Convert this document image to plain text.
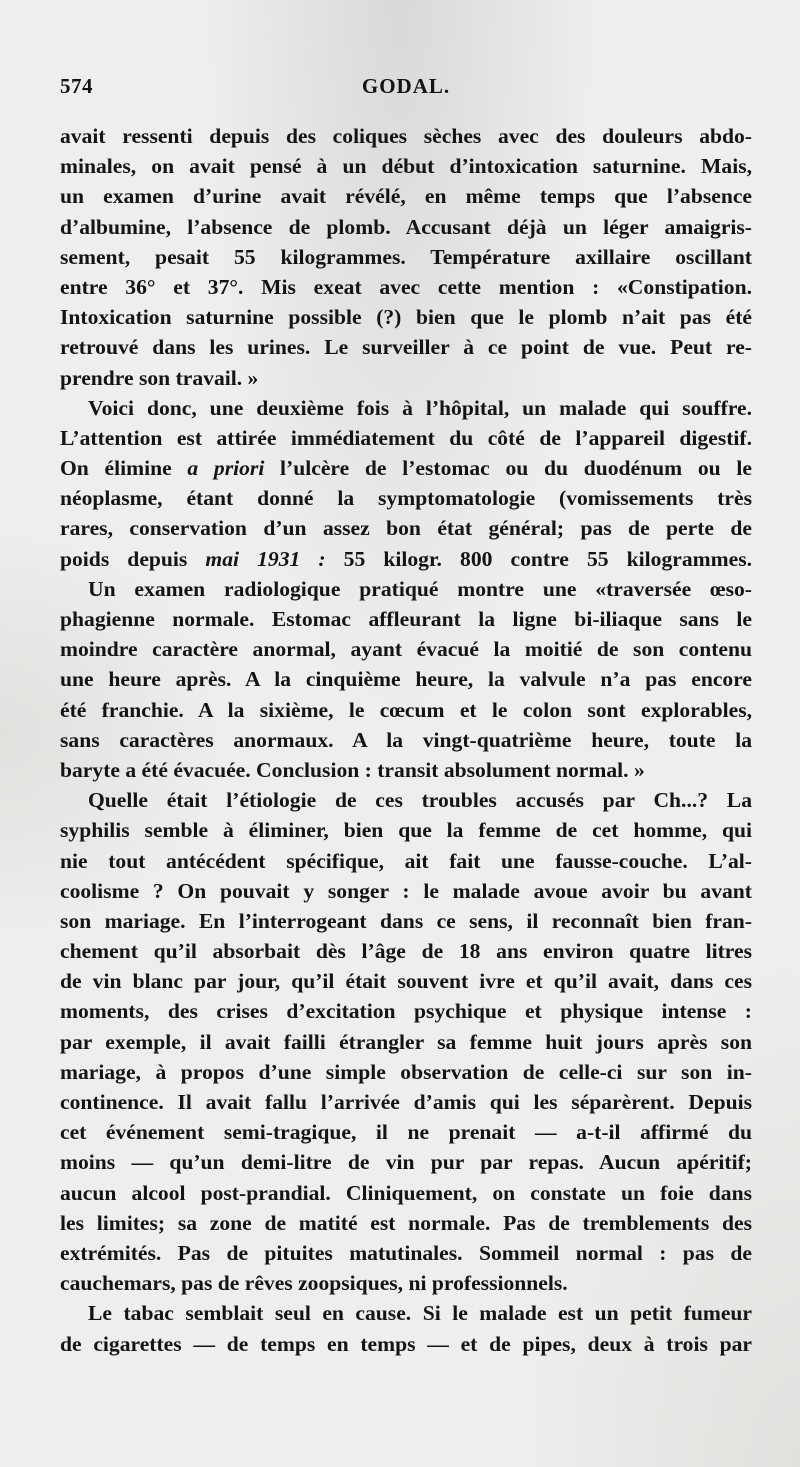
574	GODAL.
avait ressenti depuis des coliques sèches avec des douleurs abdo-
minales, on avait pensé à un début d’intoxication saturnine. Mais,
un examen d’urine avait révélé, en même temps que l’absence
d’albumine, l’absence de plomb. Accusant déjà un léger amaigris-
sement, pesait 55 kilogrammes. Température axillaire oscillant
entre 36° et 37°. Mis exeat avec cette mention : «Constipation.
Intoxication saturnine possible (?) bien que le plomb n’ait pas été
retrouvé dans les urines. Le surveiller à ce point de vue. Peut re-
prendre son travail. »
Voici donc, une deuxième fois à l’hôpital, un malade qui souffre.
L’attention est attirée immédiatement du côté de l’appareil digestif.
On élimine a priori l’ulcère de l’estomac ou du duodénum ou le
néoplasme, étant donné la symptomatologie (vomissements très
rares, conservation d’un assez bon état général; pas de perte de
poids depuis mai 1931 : 55 kilogr. 800 contre 55 kilogrammes.
Un examen radiologique pratiqué montre une «traversée œso-
phagienne normale. Estomac affleurant la ligne bi-iliaque sans le
moindre caractère anormal, ayant évacué la moitié de son contenu
une heure après. A la cinquième heure, la valvule n’a pas encore
été franchie. A la sixième, le cœcum et le colon sont explorables,
sans caractères anormaux. A la vingt-quatrième heure, toute la
baryte a été évacuée. Conclusion : transit absolument normal. »
Quelle était l’étiologie de ces troubles accusés par Ch...? La
syphilis semble à éliminer, bien que la femme de cet homme, qui
nie tout antécédent spécifique, ait fait une fausse-couche. L’al-
coolisme ? On pouvait y songer : le malade avoue avoir bu avant
son mariage. En l’interrogeant dans ce sens, il reconnaît bien fran-
chement qu’il absorbait dès l’âge de 18 ans environ quatre litres
de vin blanc par jour, qu’il était souvent ivre et qu’il avait, dans ces
moments, des crises d’excitation psychique et physique intense :
par exemple, il avait failli étrangler sa femme huit jours après son
mariage, à propos d’une simple observation de celle-ci sur son in-
continence. Il avait fallu l’arrivée d’amis qui les séparèrent. Depuis
cet événement semi-tragique, il ne prenait — a-t-il affirmé du
moins — qu’un demi-litre de vin pur par repas. Aucun apéritif;
aucun alcool post-prandial. Cliniquement, on constate un foie dans
les limites; sa zone de matité est normale. Pas de tremblements des
extrémités. Pas de pituites matutinales. Sommeil normal : pas de
cauchemars, pas de rêves zoopsiques, ni professionnels.
Le tabac semblait seul en cause. Si le malade est un petit fumeur
de cigarettes — de temps en temps — et de pipes, deux à trois par
